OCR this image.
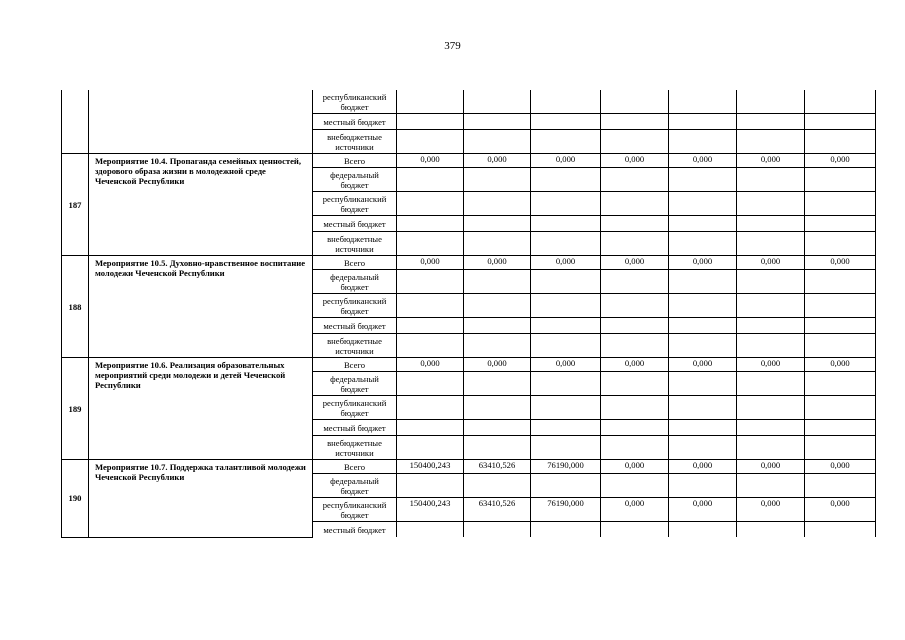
379
		республиканский бюджет							
		местный бюджет							
		внебюджетные источники							
187	Мероприятие 10.4. Пропаганда семейных ценностей, здорового образа жизни в молодежной среде Чеченской Республики	Всего	0,000	0,000	0,000	0,000	0,000	0,000	0,000
		федеральный бюджет							
		республиканский бюджет							
		местный бюджет							
		внебюджетные источники							
188	Мероприятие 10.5. Духовно-нравственное воспитание молодежи Чеченской Республики	Всего	0,000	0,000	0,000	0,000	0,000	0,000	0,000
		федеральный бюджет							
		республиканский бюджет							
		местный бюджет							
		внебюджетные источники							
189	Мероприятие 10.6. Реализация образовательных мероприятий среди молодежи и детей Чеченской Республики	Всего	0,000	0,000	0,000	0,000	0,000	0,000	0,000
		федеральный бюджет							
		республиканский бюджет							
		местный бюджет							
		внебюджетные источники							
190	Мероприятие 10.7. Поддержка талантливой молодежи Чеченской Республики	Всего	150400,243	63410,526	76190,000	0,000	0,000	0,000	0,000
		федеральный бюджет							
		республиканский бюджет	150400,243	63410,526	76190,000	0,000	0,000	0,000	0,000
		местный бюджет							
